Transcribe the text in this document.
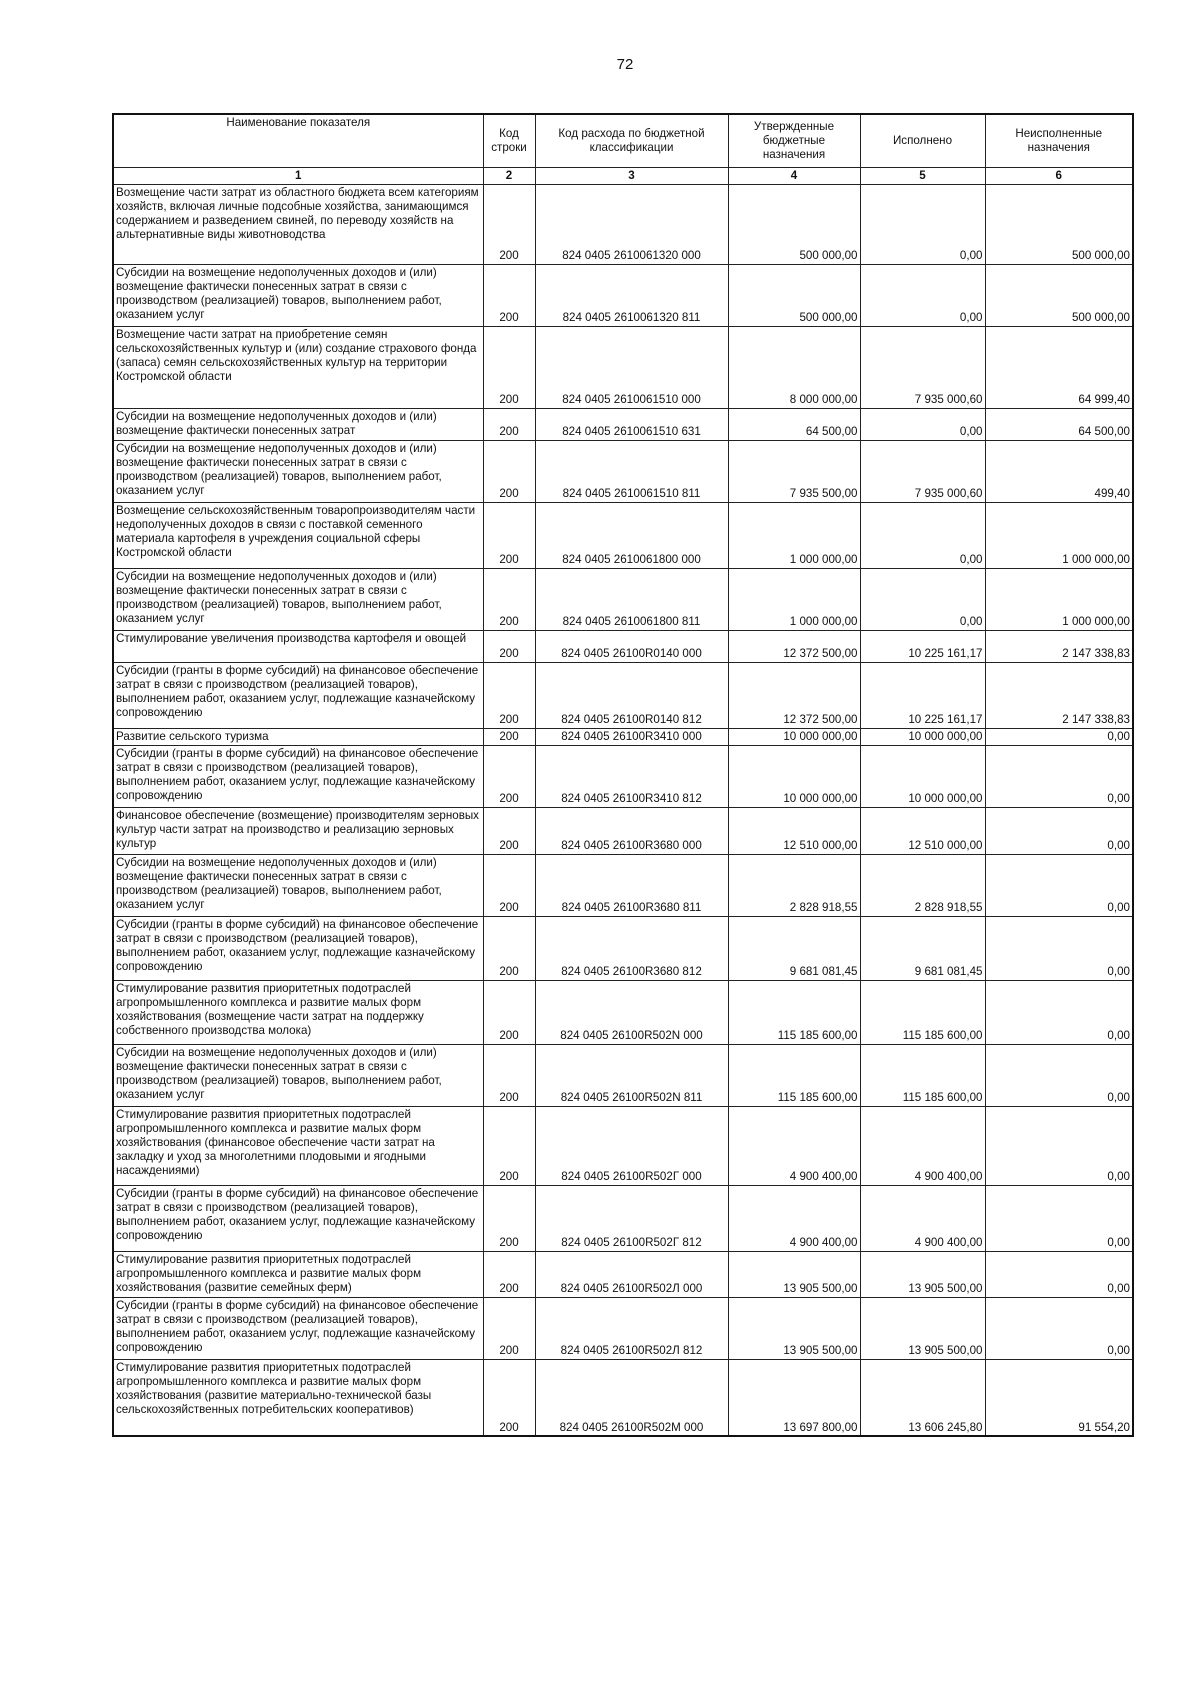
72
Наименование показателя	Код строки	Код расхода по бюджетной классификации	Утвержденные бюджетные назначения	Исполнено	Неисполненные назначения
1	2	3	4	5	6
Возмещение части затрат из областного бюджета всем категориям хозяйств, включая личные подсобные хозяйства, занимающимся содержанием и разведением свиней, по переводу хозяйств на альтернативные виды животноводства	200	824 0405 2610061320 000	500 000,00	0,00	500 000,00
Субсидии на возмещение недополученных доходов и (или) возмещение фактически понесенных затрат в связи с производством (реализацией) товаров, выполнением работ, оказанием услуг	200	824 0405 2610061320 811	500 000,00	0,00	500 000,00
Возмещение части затрат на приобретение семян сельскохозяйственных культур и (или) создание страхового фонда (запаса) семян сельскохозяйственных культур на территории Костромской области	200	824 0405 2610061510 000	8 000 000,00	7 935 000,60	64 999,40
Субсидии на возмещение недополученных доходов и (или) возмещение фактически понесенных затрат	200	824 0405 2610061510 631	64 500,00	0,00	64 500,00
Субсидии на возмещение недополученных доходов и (или) возмещение фактически понесенных затрат в связи с производством (реализацией) товаров, выполнением работ, оказанием услуг	200	824 0405 2610061510 811	7 935 500,00	7 935 000,60	499,40
Возмещение сельскохозяйственным товаропроизводителям части недополученных доходов в связи с поставкой семенного материала картофеля в учреждения социальной сферы Костромской области	200	824 0405 2610061800 000	1 000 000,00	0,00	1 000 000,00
Субсидии на возмещение недополученных доходов и (или) возмещение фактически понесенных затрат в связи с производством (реализацией) товаров, выполнением работ, оказанием услуг	200	824 0405 2610061800 811	1 000 000,00	0,00	1 000 000,00
Стимулирование увеличения производства картофеля и овощей	200	824 0405 26100R0140 000	12 372 500,00	10 225 161,17	2 147 338,83
Субсидии (гранты в форме субсидий) на финансовое обеспечение затрат в связи с производством (реализацией товаров), выполнением работ, оказанием услуг, подлежащие казначейскому сопровождению	200	824 0405 26100R0140 812	12 372 500,00	10 225 161,17	2 147 338,83
Развитие сельского туризма	200	824 0405 26100R3410 000	10 000 000,00	10 000 000,00	0,00
Субсидии (гранты в форме субсидий) на финансовое обеспечение затрат в связи с производством (реализацией товаров), выполнением работ, оказанием услуг, подлежащие казначейскому сопровождению	200	824 0405 26100R3410 812	10 000 000,00	10 000 000,00	0,00
Финансовое обеспечение (возмещение) производителям зерновых культур части затрат на производство и реализацию зерновых культур	200	824 0405 26100R3680 000	12 510 000,00	12 510 000,00	0,00
Субсидии на возмещение недополученных доходов и (или) возмещение фактически понесенных затрат в связи с производством (реализацией) товаров, выполнением работ, оказанием услуг	200	824 0405 26100R3680 811	2 828 918,55	2 828 918,55	0,00
Субсидии (гранты в форме субсидий) на финансовое обеспечение затрат в связи с производством (реализацией товаров), выполнением работ, оказанием услуг, подлежащие казначейскому сопровождению	200	824 0405 26100R3680 812	9 681 081,45	9 681 081,45	0,00
Стимулирование развития приоритетных подотраслей агропромышленного комплекса и развитие малых форм хозяйствования (возмещение части затрат на поддержку собственного производства молока)	200	824 0405 26100R502N 000	115 185 600,00	115 185 600,00	0,00
Субсидии на возмещение недополученных доходов и (или) возмещение фактически понесенных затрат в связи с производством (реализацией) товаров, выполнением работ, оказанием услуг	200	824 0405 26100R502N 811	115 185 600,00	115 185 600,00	0,00
Стимулирование развития приоритетных подотраслей агропромышленного комплекса и развитие малых форм хозяйствования (финансовое обеспечение части затрат на закладку и уход за многолетними плодовыми и ягодными насаждениями)	200	824 0405 26100R502Г 000	4 900 400,00	4 900 400,00	0,00
Субсидии (гранты в форме субсидий) на финансовое обеспечение затрат в связи с производством (реализацией товаров), выполнением работ, оказанием услуг, подлежащие казначейскому сопровождению	200	824 0405 26100R502Г 812	4 900 400,00	4 900 400,00	0,00
Стимулирование развития приоритетных подотраслей агропромышленного комплекса и развитие малых форм хозяйствования (развитие семейных ферм)	200	824 0405 26100R502Л 000	13 905 500,00	13 905 500,00	0,00
Субсидии (гранты в форме субсидий) на финансовое обеспечение затрат в связи с производством (реализацией товаров), выполнением работ, оказанием услуг, подлежащие казначейскому сопровождению	200	824 0405 26100R502Л 812	13 905 500,00	13 905 500,00	0,00
Стимулирование развития приоритетных подотраслей агропромышленного комплекса и развитие малых форм хозяйствования (развитие материально-технической базы сельскохозяйственных потребительских кооперативов)	200	824 0405 26100R502M 000	13 697 800,00	13 606 245,80	91 554,20
